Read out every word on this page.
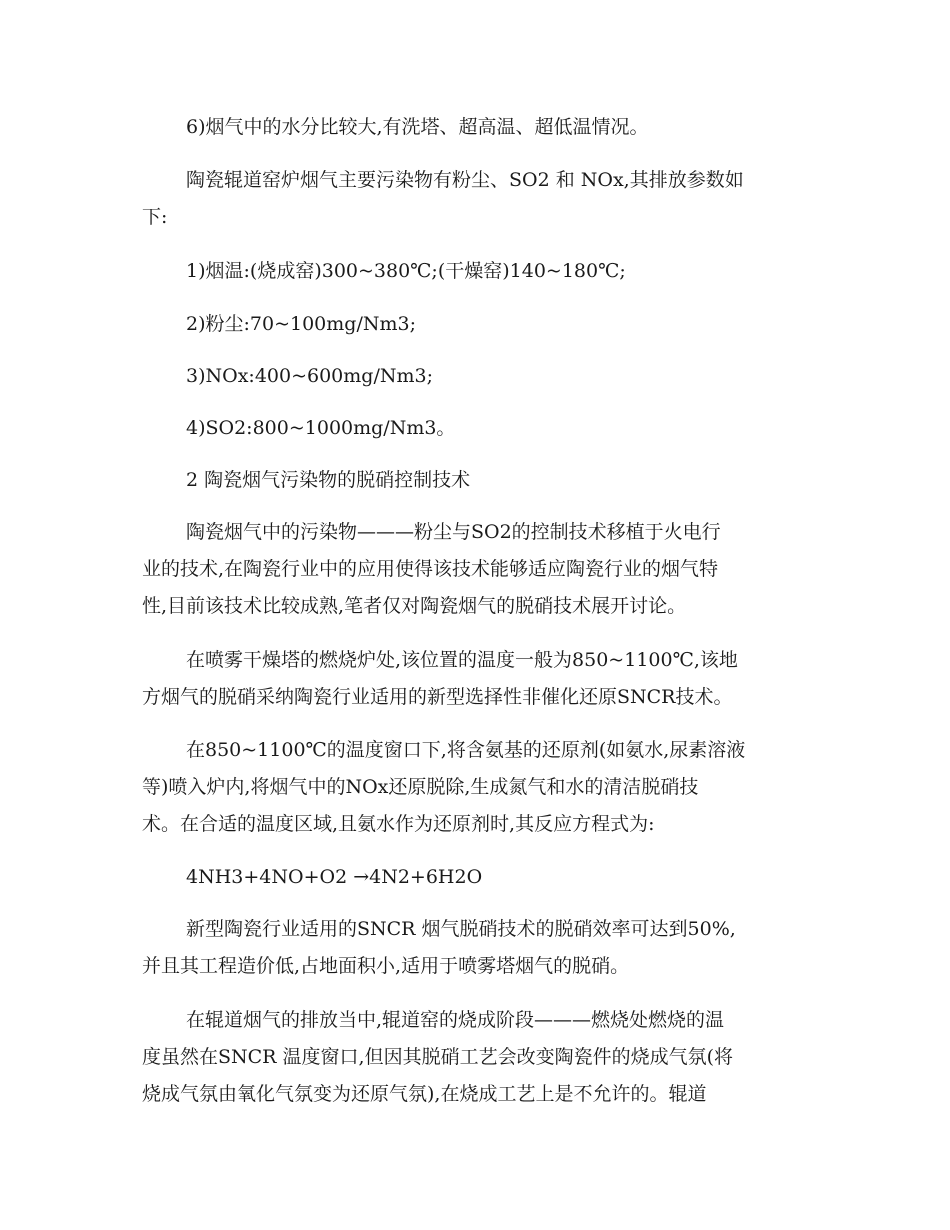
6)烟气中的水分比较大,有洗塔、超高温、超低温情况。
陶瓷辊道窑炉烟气主要污染物有粉尘、SO2 和 NOx,其排放参数如
下:
1)烟温:(烧成窑)300~380℃;(干燥窑)140~180℃;
2)粉尘:70~100mg/Nm3;
3)NOx:400~600mg/Nm3;
4)SO2:800~1000mg/Nm3。
2 陶瓷烟气污染物的脱硝控制技术
陶瓷烟气中的污染物———粉尘与SO2的控制技术移植于火电行
业的技术,在陶瓷行业中的应用使得该技术能够适应陶瓷行业的烟气特
性,目前该技术比较成熟,笔者仅对陶瓷烟气的脱硝技术展开讨论。
在喷雾干燥塔的燃烧炉处,该位置的温度一般为850~1100℃,该地
方烟气的脱硝采纳陶瓷行业适用的新型选择性非催化还原SNCR技术。
在850~1100℃的温度窗口下,将含氨基的还原剂(如氨水,尿素溶液
等)喷入炉内,将烟气中的NOx还原脱除,生成氮气和水的清洁脱硝技
术。在合适的温度区域,且氨水作为还原剂时,其反应方程式为:
4NH3+4NO+O2 →4N2+6H2O
新型陶瓷行业适用的SNCR 烟气脱硝技术的脱硝效率可达到50%,
并且其工程造价低,占地面积小,适用于喷雾塔烟气的脱硝。
在辊道烟气的排放当中,辊道窑的烧成阶段———燃烧处燃烧的温
度虽然在SNCR 温度窗口,但因其脱硝工艺会改变陶瓷件的烧成气氛(将
烧成气氛由氧化气氛变为还原气氛),在烧成工艺上是不允许的。辊道
